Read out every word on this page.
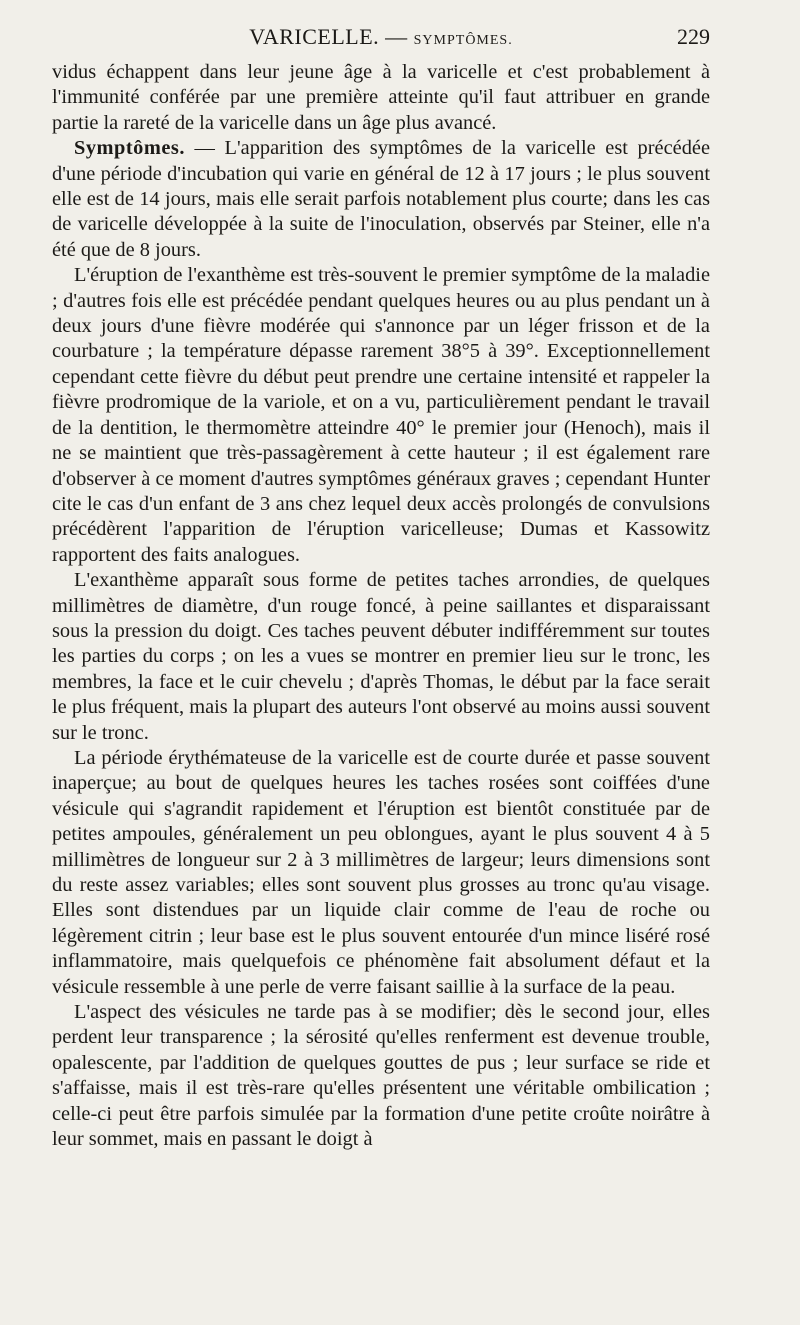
VARICELLE. — SYMPTÔMES.	229

vidus échappent dans leur jeune âge à la varicelle et c'est probablement à l'immunité conférée par une première atteinte qu'il faut attribuer en grande partie la rareté de la varicelle dans un âge plus avancé.

Symptômes. — L'apparition des symptômes de la varicelle est précédée d'une période d'incubation qui varie en général de 12 à 17 jours ; le plus souvent elle est de 14 jours, mais elle serait parfois notablement plus courte; dans les cas de varicelle développée à la suite de l'inoculation, observés par Steiner, elle n'a été que de 8 jours.

L'éruption de l'exanthème est très-souvent le premier symptôme de la maladie ; d'autres fois elle est précédée pendant quelques heures ou au plus pendant un à deux jours d'une fièvre modérée qui s'annonce par un léger frisson et de la courbature ; la température dépasse rarement 38°5 à 39°. Exceptionnellement cependant cette fièvre du début peut prendre une certaine intensité et rappeler la fièvre prodromique de la variole, et on a vu, particulièrement pendant le travail de la dentition, le thermomètre atteindre 40° le premier jour (Henoch), mais il ne se maintient que très-passagèrement à cette hauteur ; il est également rare d'observer à ce moment d'autres symptômes généraux graves ; cependant Hunter cite le cas d'un enfant de 3 ans chez lequel deux accès prolongés de convulsions précédèrent l'apparition de l'éruption varicelleuse; Dumas et Kassowitz rapportent des faits analogues.

L'exanthème apparaît sous forme de petites taches arrondies, de quelques millimètres de diamètre, d'un rouge foncé, à peine saillantes et disparaissant sous la pression du doigt. Ces taches peuvent débuter indifféremment sur toutes les parties du corps ; on les a vues se montrer en premier lieu sur le tronc, les membres, la face et le cuir chevelu ; d'après Thomas, le début par la face serait le plus fréquent, mais la plupart des auteurs l'ont observé au moins aussi souvent sur le tronc.

La période érythémateuse de la varicelle est de courte durée et passe souvent inaperçue; au bout de quelques heures les taches rosées sont coiffées d'une vésicule qui s'agrandit rapidement et l'éruption est bientôt constituée par de petites ampoules, généralement un peu oblongues, ayant le plus souvent 4 à 5 millimètres de longueur sur 2 à 3 millimètres de largeur; leurs dimensions sont du reste assez variables; elles sont souvent plus grosses au tronc qu'au visage. Elles sont distendues par un liquide clair comme de l'eau de roche ou légèrement citrin ; leur base est le plus souvent entourée d'un mince liséré rosé inflammatoire, mais quelquefois ce phénomène fait absolument défaut et la vésicule ressemble à une perle de verre faisant saillie à la surface de la peau.

L'aspect des vésicules ne tarde pas à se modifier; dès le second jour, elles perdent leur transparence ; la sérosité qu'elles renferment est devenue trouble, opalescente, par l'addition de quelques gouttes de pus ; leur surface se ride et s'affaisse, mais il est très-rare qu'elles présentent une véritable ombilication ; celle-ci peut être parfois simulée par la formation d'une petite croûte noirâtre à leur sommet, mais en passant le doigt à
